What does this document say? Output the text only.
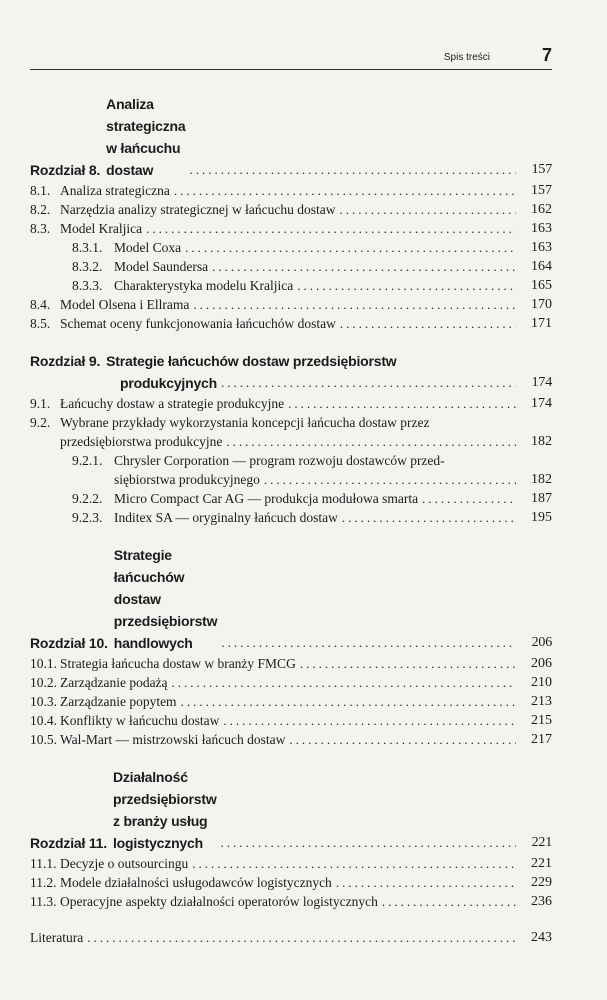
Spis treści	7
Rozdział 8.
Analiza strategiczna w łańcuchu dostaw .....	157
8.1. Analiza strategiczna .....	157
8.2. Narzędzia analizy strategicznej w łańcuchu dostaw .....	162
8.3. Model Kraljica .....	163
8.3.1. Model Coxa .....	163
8.3.2. Model Saundersa .....	164
8.3.3. Charakterystyka modelu Kraljica .....	165
8.4. Model Olsena i Ellrama .....	170
8.5. Schemat oceny funkcjonowania łańcuchów dostaw .....	171
Rozdział 9. Strategie łańcuchów dostaw przedsiębiorstw
produkcyjnych .....	174
9.1. Łańcuchy dostaw a strategie produkcyjne .....	174
9.2. Wybrane przykłady wykorzystania koncepcji łańcucha dostaw przez
przedsiębiorstwa produkcyjne .....	182
9.2.1. Chrysler Corporation — program rozwoju dostawców przed-
siębiorstwa produkcyjnego .....	182
9.2.2. Micro Compact Car AG — produkcja modułowa smarta .....	187
9.2.3. Inditex SA — oryginalny łańcuch dostaw .....	195
Rozdział 10.
Strategie łańcuchów dostaw przedsiębiorstw handlowych .....	206
10.1. Strategia łańcucha dostaw w branży FMCG .....	206
10.2. Zarządzanie podażą .....	210
10.3. Zarządzanie popytem .....	213
10.4. Konflikty w łańcuchu dostaw .....	215
10.5. Wal-Mart — mistrzowski łańcuch dostaw .....	217
Rozdział 11.
Działalność przedsiębiorstw z branży usług logistycznych .....	221
11.1. Decyzje o outsourcingu .....	221
11.2. Modele działalności usługodawców logistycznych .....	229
11.3. Operacyjne aspekty działalności operatorów logistycznych .....	236
Literatura .....	243
